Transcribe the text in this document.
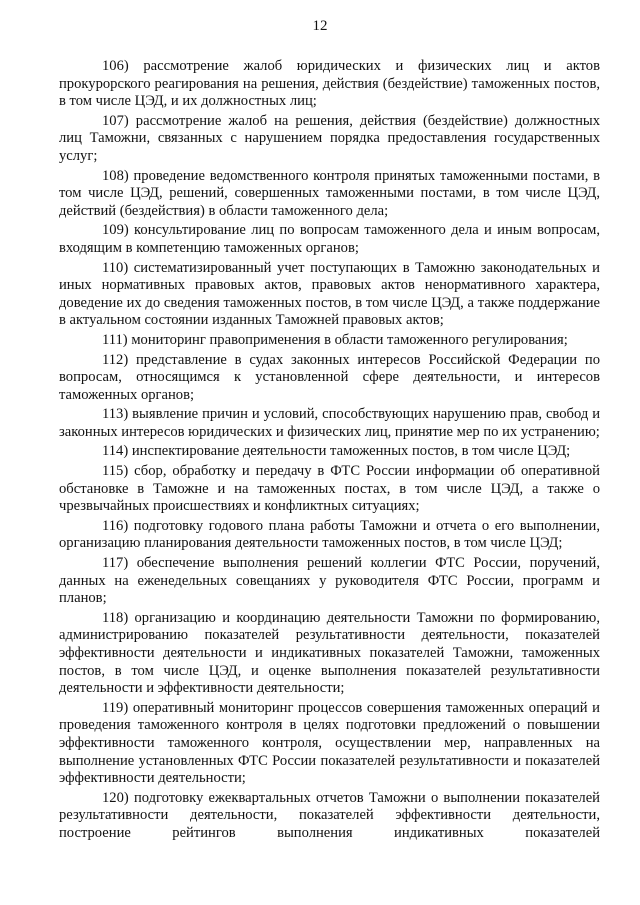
12

106) рассмотрение жалоб юридических и физических лиц и актов прокурорского реагирования на решения, действия (бездействие) таможенных постов, в том числе ЦЭД, и их должностных лиц;

107) рассмотрение жалоб на решения, действия (бездействие) должностных лиц Таможни, связанных с нарушением порядка предоставления государственных услуг;

108) проведение ведомственного контроля принятых таможенными постами, в том числе ЦЭД, решений, совершенных таможенными постами, в том числе ЦЭД, действий (бездействия) в области таможенного дела;

109) консультирование лиц по вопросам таможенного дела и иным вопросам, входящим в компетенцию таможенных органов;

110) систематизированный учет поступающих в Таможню законодательных и иных нормативных правовых актов, правовых актов ненормативного характера, доведение их до сведения таможенных постов, в том числе ЦЭД, а также поддержание в актуальном состоянии изданных Таможней правовых актов;

111) мониторинг правоприменения в области таможенного регулирования;

112) представление в судах законных интересов Российской Федерации по вопросам, относящимся к установленной сфере деятельности, и интересов таможенных органов;

113) выявление причин и условий, способствующих нарушению прав, свобод и законных интересов юридических и физических лиц, принятие мер по их устранению;

114) инспектирование деятельности таможенных постов, в том числе ЦЭД;

115) сбор, обработку и передачу в ФТС России информации об оперативной обстановке в Таможне и на таможенных постах, в том числе ЦЭД, а также о чрезвычайных происшествиях и конфликтных ситуациях;

116) подготовку годового плана работы Таможни и отчета о его выполнении, организацию планирования деятельности таможенных постов, в том числе ЦЭД;

117) обеспечение выполнения решений коллегии ФТС России, поручений, данных на еженедельных совещаниях у руководителя ФТС России, программ и планов;

118) организацию и координацию деятельности Таможни по формированию, администрированию показателей результативности деятельности, показателей эффективности деятельности и индикативных показателей Таможни, таможенных постов, в том числе ЦЭД, и оценке выполнения показателей результативности деятельности и эффективности деятельности;

119) оперативный мониторинг процессов совершения таможенных операций и проведения таможенного контроля в целях подготовки предложений о повышении эффективности таможенного контроля, осуществлении мер, направленных на выполнение установленных ФТС России показателей результативности и показателей эффективности деятельности;

120) подготовку ежеквартальных отчетов Таможни о выполнении показателей результативности деятельности, показателей эффективности деятельности, построение рейтингов выполнения индикативных показателей
